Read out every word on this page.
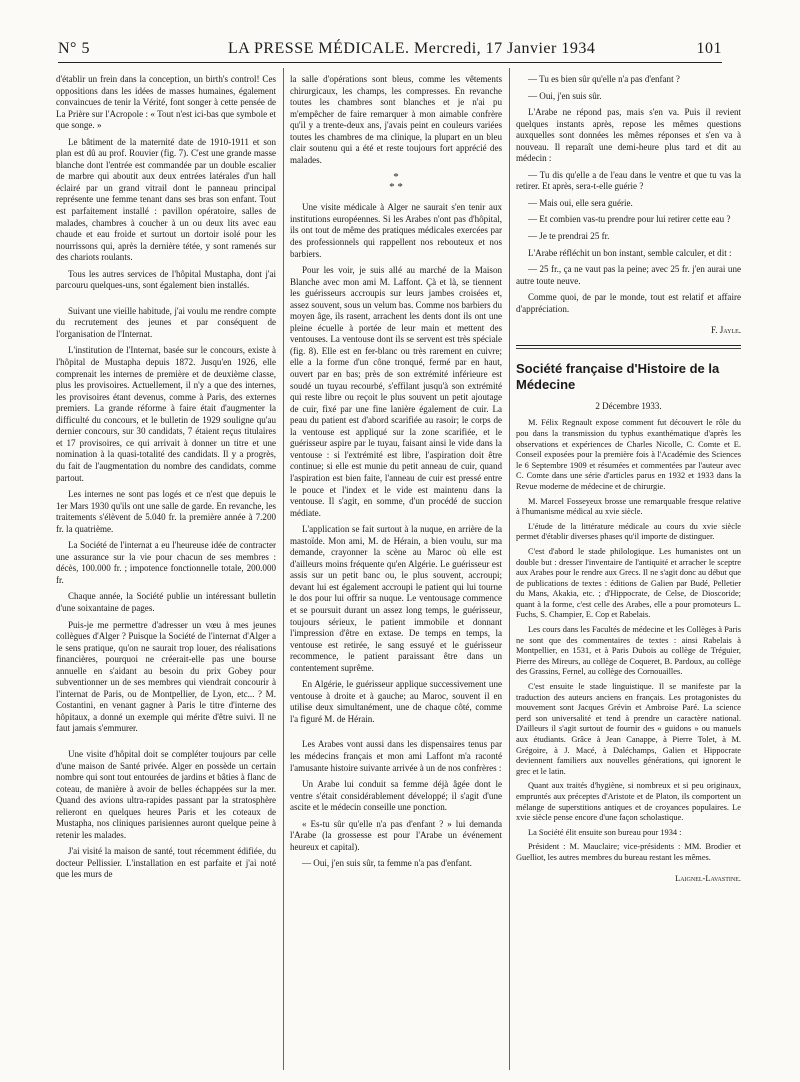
N° 5	LA PRESSE MÉDICALE. Mercredi, 17 Janvier 1934	101

d'établir un frein dans la conception, un birth's control! Ces oppositions dans les idées de masses humaines, également convaincues de tenir la Vérité, font songer à cette pensée de La Prière sur l'Acropole : « Tout n'est ici-bas que symbole et que songe. »

Le bâtiment de la maternité date de 1910-1911 et son plan est dû au prof. Rouvier (fig. 7). C'est une grande masse blanche dont l'entrée est commandée par un double escalier de marbre qui aboutit aux deux entrées latérales d'un hall éclairé par un grand vitrail dont le panneau principal représente une femme tenant dans ses bras son enfant. Tout est parfaitement installé : pavillon opératoire, salles de malades, chambres à coucher à un ou deux lits avec eau chaude et eau froide et surtout un dortoir isolé pour les nourrissons qui, après la dernière tétée, y sont ramenés sur des chariots roulants.

Tous les autres services de l'hôpital Mustapha, dont j'ai parcouru quelques-uns, sont également bien installés.

Suivant une vieille habitude, j'ai voulu me rendre compte du recrutement des jeunes et par conséquent de l'organisation de l'Internat.

L'institution de l'Internat, basée sur le concours, existe à l'hôpital de Mustapha depuis 1872. Jusqu'en 1926, elle comprenait les internes de première et de deuxième classe, plus les provisoires. Actuellement, il n'y a que des internes, les provisoires étant devenus, comme à Paris, des externes premiers. La grande réforme à faire était d'augmenter la difficulté du concours, et le bulletin de 1929 souligne qu'au dernier concours, sur 30 candidats, 7 étaient reçus titulaires et 17 provisoires, ce qui arrivait à donner un titre et une nomination à la quasi-totalité des candidats. Il y a progrès, du fait de l'augmentation du nombre des candidats, comme partout.

Les internes ne sont pas logés et ce n'est que depuis le 1er Mars 1930 qu'ils ont une salle de garde. En revanche, les traitements s'élèvent de 5.040 fr. la première année à 7.200 fr. la quatrième.

La Société de l'internat a eu l'heureuse idée de contracter une assurance sur la vie pour chacun de ses membres : décès, 100.000 fr. ; impotence fonctionnelle totale, 200.000 fr.

Chaque année, la Société publie un intéressant bulletin d'une soixantaine de pages.

Puis-je me permettre d'adresser un vœu à mes jeunes collègues d'Alger ? Puisque la Société de l'internat d'Alger a le sens pratique, qu'on ne saurait trop louer, des réalisations financières, pourquoi ne créerait-elle pas une bourse annuelle en s'aidant au besoin du prix Gobey pour subventionner un de ses membres qui viendrait concourir à l'internat de Paris, ou de Montpellier, de Lyon, etc... ? M. Costantini, en venant gagner à Paris le titre d'interne des hôpitaux, a donné un exemple qui mérite d'être suivi. Il ne faut jamais s'emmurer.

Une visite d'hôpital doit se compléter toujours par celle d'une maison de Santé privée. Alger en possède un certain nombre qui sont tout entourées de jardins et bâties à flanc de coteau, de manière à avoir de belles échappées sur la mer. Quand des avions ultra-rapides passant par la stratosphère relieront en quelques heures Paris et les coteaux de Mustapha, nos cliniques parisiennes auront quelque peine à retenir les malades.

J'ai visité la maison de santé, tout récemment édifiée, du docteur Pellissier. L'installation en est parfaite et j'ai noté que les murs de

la salle d'opérations sont bleus, comme les vêtements chirurgicaux, les champs, les compresses. En revanche toutes les chambres sont blanches et je n'ai pu m'empêcher de faire remarquer à mon aimable confrère qu'il y a trente-deux ans, j'avais peint en couleurs variées toutes les chambres de ma clinique, la plupart en un bleu clair soutenu qui a été et reste toujours fort apprécié des malades.

*
* *

Une visite médicale à Alger ne saurait s'en tenir aux institutions européennes. Si les Arabes n'ont pas d'hôpital, ils ont tout de même des pratiques médicales exercées par des professionnels qui rappellent nos rebouteux et nos barbiers.

Pour les voir, je suis allé au marché de la Maison Blanche avec mon ami M. Laffont. Çà et là, se tiennent les guérisseurs accroupis sur leurs jambes croisées et, assez souvent, sous un velum bas. Comme nos barbiers du moyen âge, ils rasent, arrachent les dents dont ils ont une pleine écuelle à portée de leur main et mettent des ventouses. La ventouse dont ils se servent est très spéciale (fig. 8). Elle est en fer-blanc ou très rarement en cuivre; elle a la forme d'un cône tronqué, fermé par en haut, ouvert par en bas; près de son extrémité inférieure est soudé un tuyau recourbé, s'effilant jusqu'à son extrémité qui reste libre ou reçoit le plus souvent un petit ajoutage de cuir, fixé par une fine lanière également de cuir. La peau du patient est d'abord scarifiée au rasoir; le corps de la ventouse est appliqué sur la zone scarifiée, et le guérisseur aspire par le tuyau, faisant ainsi le vide dans la ventouse : si l'extrémité est libre, l'aspiration doit être continue; si elle est munie du petit anneau de cuir, quand l'aspiration est bien faite, l'anneau de cuir est pressé entre le pouce et l'index et le vide est maintenu dans la ventouse. Il s'agit, en somme, d'un procédé de succion médiate.

L'application se fait surtout à la nuque, en arrière de la mastoïde. Mon ami, M. de Hérain, a bien voulu, sur ma demande, crayonner la scène au Maroc où elle est d'ailleurs moins fréquente qu'en Algérie. Le guérisseur est assis sur un petit banc ou, le plus souvent, accroupi; devant lui est également accroupi le patient qui lui tourne le dos pour lui offrir sa nuque. Le ventousage commence et se poursuit durant un assez long temps, le guérisseur, toujours sérieux, le patient immobile et donnant l'impression d'être en extase. De temps en temps, la ventouse est retirée, le sang essuyé et le guérisseur recommence, le patient paraissant être dans un contentement suprême.

En Algérie, le guérisseur applique successivement une ventouse à droite et à gauche; au Maroc, souvent il en utilise deux simultanément, une de chaque côté, comme l'a figuré M. de Hérain.

Les Arabes vont aussi dans les dispensaires tenus par les médecins français et mon ami Laffont m'a raconté l'amusante histoire suivante arrivée à un de nos confrères :

Un Arabe lui conduit sa femme déjà âgée dont le ventre s'était considérablement développé; il s'agit d'une ascite et le médecin conseille une ponction.

« Es-tu sûr qu'elle n'a pas d'enfant ? » lui demanda l'Arabe (la grossesse est pour l'Arabe un événement heureux et capital).

— Oui, j'en suis sûr, ta femme n'a pas d'enfant.

— Tu es bien sûr qu'elle n'a pas d'enfant ?

— Oui, j'en suis sûr.

L'Arabe ne répond pas, mais s'en va. Puis il revient quelques instants après, repose les mêmes questions auxquelles sont données les mêmes réponses et s'en va à nouveau. Il reparaît une demi-heure plus tard et dit au médecin :

— Tu dis qu'elle a de l'eau dans le ventre et que tu vas la retirer. Et après, sera-t-elle guérie ?

— Mais oui, elle sera guérie.

— Et combien vas-tu prendre pour lui retirer cette eau ?

— Je te prendrai 25 fr.

L'Arabe réfléchit un bon instant, semble calculer, et dit :

— 25 fr., ça ne vaut pas la peine; avec 25 fr. j'en aurai une autre toute neuve.

Comme quoi, de par le monde, tout est relatif et affaire d'appréciation.

F. Jayle.
Société française d'Histoire de la Médecine
2 Décembre 1933.

M. Félix Regnault expose comment fut découvert le rôle du pou dans la transmission du typhus exanthématique d'après les observations et expériences de Charles Nicolle, C. Comte et E. Conseil exposées pour la première fois à l'Académie des Sciences le 6 Septembre 1909 et résumées et commentées par l'auteur avec C. Comte dans une série d'articles parus en 1932 et 1933 dans la Revue moderne de médecine et de chirurgie.

M. Marcel Fosseyeux brosse une remarquable fresque relative à l'humanisme médical au xvie siècle.

L'étude de la littérature médicale au cours du xvie siècle permet d'établir diverses phases qu'il importe de distinguer.

C'est d'abord le stade philologique. Les humanistes ont un double but : dresser l'inventaire de l'antiquité et arracher le sceptre aux Arabes pour le rendre aux Grecs. Il ne s'agit donc au début que de publications de textes : éditions de Galien par Budé, Pelletier du Mans, Akakia, etc. ; d'Hippocrate, de Celse, de Dioscoride; quant à la forme, c'est celle des Arabes, elle a pour promoteurs L. Fuchs, S. Champier, E. Cop et Rabelais.

Les cours dans les Facultés de médecine et les Collèges à Paris ne sont que des commentaires de textes : ainsi Rabelais à Montpellier, en 1531, et à Paris Dubois au collège de Tréguier, Pierre des Mireurs, au collège de Coqueret, B. Pardoux, au collège des Grassins, Fernel, au collège des Cornouailles.

C'est ensuite le stade linguistique. Il se manifeste par la traduction des auteurs anciens en français. Les protagonistes du mouvement sont Jacques Grévin et Ambroise Paré. La science perd son universalité et tend à prendre un caractère national. D'ailleurs il s'agit surtout de fournir des « guidons » ou manuels aux étudiants. Grâce à Jean Canappe, à Pierre Tolet, à M. Grégoire, à J. Macé, à Daléchamps, Galien et Hippocrate deviennent familiers aux nouvelles générations, qui ignorent le grec et le latin.

Quant aux traités d'hygiène, si nombreux et si peu originaux, empruntés aux préceptes d'Aristote et de Platon, ils comportent un mélange de superstitions antiques et de croyances populaires. Le xvie siècle pense encore d'une façon scholastique.

La Société élit ensuite son bureau pour 1934 :

Président : M. Mauclaire; vice-présidents : MM. Brodier et Guelliot, les autres membres du bureau restant les mêmes.

Laignel-Lavastine.
